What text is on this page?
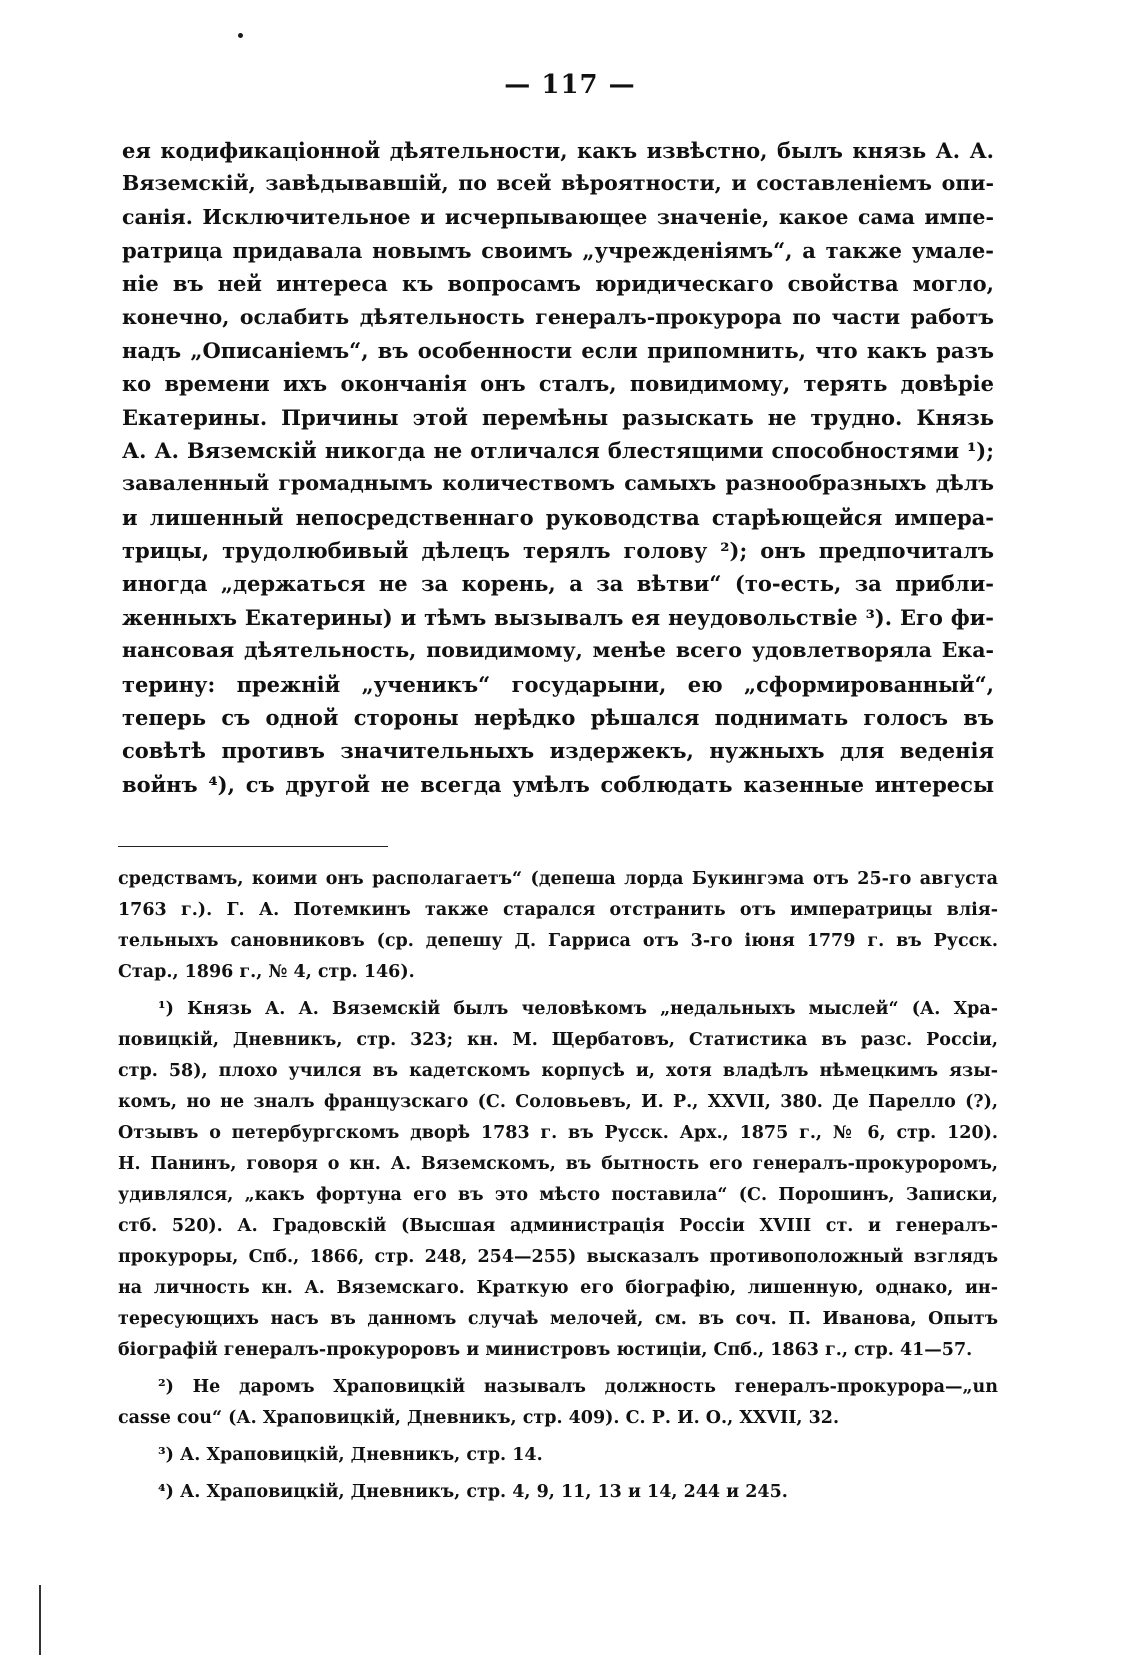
— 117 —
ея кодификаціонной дѣятельности, какъ извѣстно, былъ князь А. А.
Вяземскій, завѣдывавшій, по всей вѣроятности, и составленіемъ опи-
санія. Исключительное и исчерпывающее значеніе, какое сама импе-
ратрица придавала новымъ своимъ „учрежденіямъ“, а также умале-
ніе въ ней интереса къ вопросамъ юридическаго свойства могло,
конечно, ослабить дѣятельность генералъ-прокурора по части работъ
надъ „Описаніемъ“, въ особенности если припомнить, что какъ разъ
ко времени ихъ окончанія онъ сталъ, повидимому, терять довѣріе
Екатерины. Причины этой перемѣны разыскать не трудно. Князь
А. А. Вяземскій никогда не отличался блестящими способностями ¹);
заваленный громаднымъ количествомъ самыхъ разнообразныхъ дѣлъ
и лишенный непосредственнаго руководства старѣющейся импера-
трицы, трудолюбивый дѣлецъ терялъ голову ²); онъ предпочиталъ
иногда „держаться не за корень, а за вѣтви“ (то-есть, за прибли-
женныхъ Екатерины) и тѣмъ вызывалъ ея неудовольствіе ³). Его фи-
нансовая дѣятельность, повидимому, менѣе всего удовлетворяла Ека-
терину: прежній „ученикъ“ государыни, ею „сформированный“,
теперь съ одной стороны нерѣдко рѣшался поднимать голосъ въ
совѣтѣ противъ значительныхъ издержекъ, нужныхъ для веденія
войнъ ⁴), съ другой не всегда умѣлъ соблюдать казенные интересы
средствамъ, коими онъ располагаетъ“ (депеша лорда Букингэма отъ 25-го августа
1763 г.). Г. А. Потемкинъ также старался отстранить отъ императрицы влія-
тельныхъ сановниковъ (ср. депешу Д. Гарриса отъ 3-го іюня 1779 г. въ Русск.
Стар., 1896 г., № 4, стр. 146).
¹) Князь А. А. Вяземскій былъ человѣкомъ „недальныхъ мыслей“ (А. Хра-
повицкій, Дневникъ, стр. 323; кн. М. Щербатовъ, Статистика въ разс. Россіи,
стр. 58), плохо учился въ кадетскомъ корпусѣ и, хотя владѣлъ нѣмецкимъ язы-
комъ, но не зналъ французскаго (С. Соловьевъ, И. Р., XXVII, 380. Де Парелло (?),
Отзывъ о петербургскомъ дворѣ 1783 г. въ Русск. Арх., 1875 г., № 6, стр. 120).
Н. Панинъ, говоря о кн. А. Вяземскомъ, въ бытность его генералъ-прокуроромъ,
удивлялся, „какъ фортуна его въ это мѣсто поставила“ (С. Порошинъ, Записки,
стб. 520). А. Градовскій (Высшая администрація Россіи XVIII ст. и генералъ-
прокуроры, Спб., 1866, стр. 248, 254—255) высказалъ противоположный взглядъ
на личность кн. А. Вяземскаго. Краткую его біографію, лишенную, однако, ин-
тересующихъ насъ въ данномъ случаѣ мелочей, см. въ соч. П. Иванова, Опытъ
біографій генералъ-прокуроровъ и министровъ юстиціи, Спб., 1863 г., стр. 41—57.
²) Не даромъ Храповицкій называлъ должность генералъ-прокурора—„un
casse cou“ (А. Храповицкій, Дневникъ, стр. 409). С. Р. И. О., XXVII, 32.
³) А. Храповицкій, Дневникъ, стр. 14.
⁴) А. Храповицкій, Дневникъ, стр. 4, 9, 11, 13 и 14, 244 и 245.
